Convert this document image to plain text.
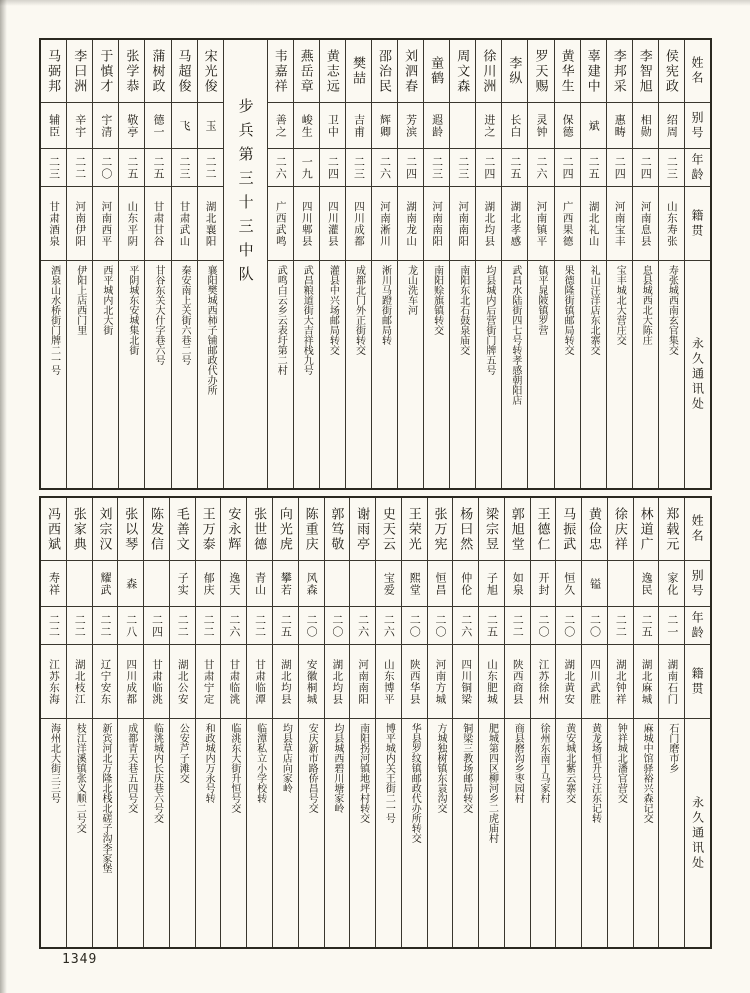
姓名
别号
年龄
籍贯
永久通讯处
侯宪政
绍周
二三
山东寿张
寿张城西南玄官集交
李智旭
相勋
二四
河南息县
息县城西北大陈庄
李邦采
惠畴
二四
河南宝丰
宝丰城北大营庄交
辜建中
斌
二五
湖北礼山
礼山汪洋店东北寨交
黄华生
保德
二四
广西果德
果德隆街镇邮局转交
罗天赐
灵钟
二六
河南镇平
镇平晁陂镇罗营
李纵
长白
二五
湖北孝感
武昌水陆街四七号转孝感朝阳店
徐川洲
进之
二四
湖北均县
均县城内后营街门牌五号
周文森
二三
河南南阳
南阳东北石鼓泉庙交
童鹤
遐龄
二三
河南南阳
南阳赊旗镇转交
刘泗春
芳滨
二四
湖南龙山
龙山洗车河
邵治民
辉卿
二六
河南淅川
淅川马蹬街邮局转
樊喆
吉甫
二三
四川成都
成都北门外正街转交
黄志远
卫中
二四
四川灌县
灌县中兴场邮局转交
燕岳章
峻生
一九
四川郫县
武昌粮道街大吉祥栈九号
韦嘉祥
善之
二六
广西武鸣
武鸣白云乡云表圩第二村
步兵第三十三中队
宋光俊
玉
二二
湖北襄阳
襄阳樊城西柿子铺邮政代办所
马超俊
飞
二三
甘肃武山
秦安南上关街六巷二号
蒲树政
德一
二五
甘肃甘谷
甘谷东关大什字巷六号
张学恭
敬亭
二五
山东平阴
平阴城东安城集北街
于慎才
宇清
二〇
河南西平
西平城内北大街
李曰洲
辛宇
二二
河南伊阳
伊阳上店西门里
马弼邦
辅臣
二三
甘肃酒泉
酒泉山水桥街门牌二一号
姓名
别号
年龄
籍贯
永久通讯处
郑载元
家化
二一
湖南石门
石门磨市乡
林道广
逸民
二五
湖北麻城
麻城中馆驿裕兴森记交
徐庆祥
二二
湖北钟祥
钟祥城北潘官营交
黄俭忠
镒
二〇
四川武胜
黄龙场恒升号汪东记转
马振武
恒久
二〇
湖北黄安
黄安城北紫云寨交
王德仁
开封
二〇
江苏徐州
徐州东南丁马家村
郭旭堂
如泉
二二
陕西商县
商县磨沟乡枣园村
梁宗昱
子旭
二五
山东肥城
肥城第四区柳河乡二虎庙村
杨曰然
仲伦
二六
四川铜梁
铜梁三教场邮局转交
张万宪
恒昌
二〇
河南方城
方城独树镇东袁沟交
王荣光
熙堂
二〇
陕西华县
华县罗纹镇邮政代办所转交
史天云
宝爱
二六
山东博平
博平城内关王街二一号
谢雨亭
二六
河南南阳
南阳拐河镇地坪村转交
郭笃敬
二〇
湖北均县
均县城西碧川塘家岭
陈重庆
风森
二〇
安徽桐城
安庆新市路侨昌号交
向光虎
攀若
二五
湖北均县
均县草店向家岭
张世德
青山
二二
甘肃临潭
临潭私立小学校转
安永辉
逸天
二六
甘肃临洮
临洮东大街升恒号交
王万泰
郁庆
二二
甘肃宁定
和政城内万永号转
毛善文
子实
二二
湖北公安
公安芦子滩交
陈发信
二四
甘肃临洮
临洮城内长庆巷六号交
张以琴
森
二八
四川成都
成都青天巷五四号交
刘宗汉
耀武
二二
辽宁安东
新宾河北万隆北栈北磋子沟李家堡
张家典
二二
湖北枝江
枝江洋溪镇张义顺二号交
冯西斌
寿祥
二二
江苏东海
海州北大街三三号
1349
